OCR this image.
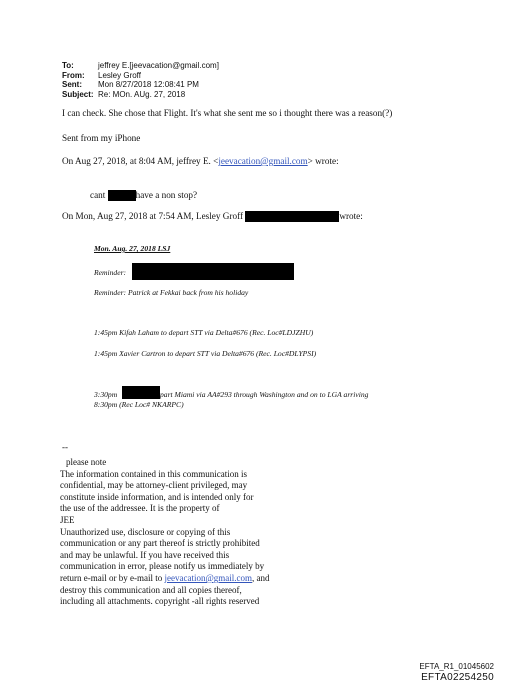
To:	jeffrey E.[jeevacation@gmail.com]
From:	Lesley Groff
Sent:	Mon 8/27/2018 12:08:41 PM
Subject: Re: MOn. AUg. 27, 2018
I can check. She chose that Flight. It's what she sent me so i thought there was a reason(?)
Sent from my iPhone
On Aug 27, 2018, at 8:04 AM, jeffrey E. <jeevacation@gmail.com> wrote:
cant	have a non stop?
On Mon, Aug 27, 2018 at 7:54 AM, Lesley Groff	wrote:
Mon. Aug. 27, 2018 LSJ
Reminder:
Reminder: Patrick at Fekkai back from his holiday
1:45pm Kifah Laham to depart STT via Delta#676 (Rec. Loc#LDJZHU)
1:45pm Xavier Cartron to depart STT via Delta#676 (Rec. Loc#DLYPSI)
3:30pm	part Miami via AA#293 through Washington and on to LGA arriving
8:30pm (Rec Loc# NKARPC)
--
please note
The information contained in this communication is
confidential, may be attorney-client privileged, may
constitute inside information, and is intended only for
the use of the addressee. It is the property of
JEE
Unauthorized use, disclosure or copying of this
communication or any part thereof is strictly prohibited
and may be unlawful. If you have received this
communication in error, please notify us immediately by
return e-mail or by e-mail to jeevacation@gmail.com, and
destroy this communication and all copies thereof,
including all attachments. copyright -all rights reserved
EFTA_R1_01045602
EFTA02254250
